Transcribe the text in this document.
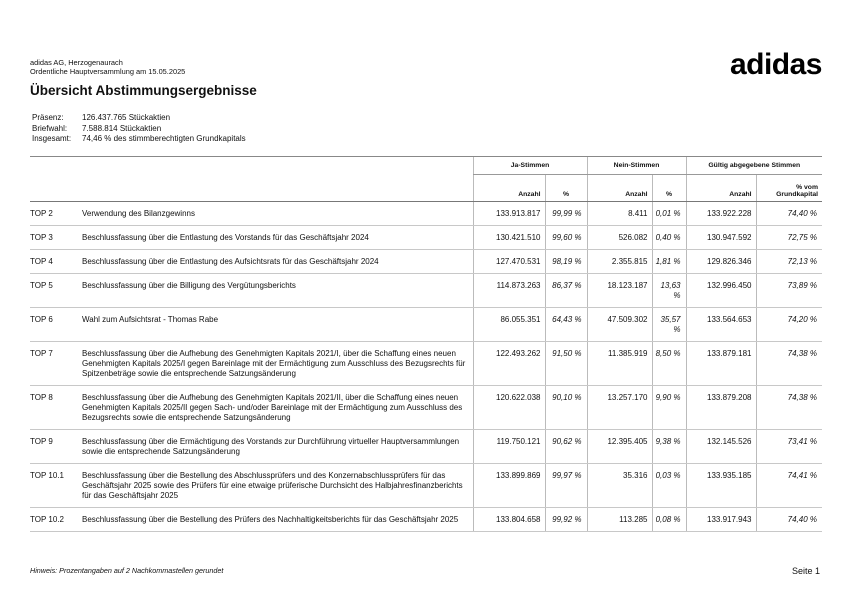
adidas AG, Herzogenaurach
Ordentliche Hauptversammlung am 15.05.2025	adidas
Übersicht Abstimmungsergebnisse
Präsenz:	126.437.765 Stückaktien
Briefwahl:	7.588.814 Stückaktien
Insgesamt:	74,46 % des stimmberechtigten Grundkapitals
		Ja-Stimmen		Nein-Stimmen		Gültig abgegebene Stimmen	
		Anzahl	%	Anzahl	%	Anzahl	% vom
Grundkapital

TOP 2	Verwendung des Bilanzgewinns	133.913.817	99,99 %	8.411	0,01 %	133.922.228	74,40 %
TOP 3	Beschlussfassung über die Entlastung des Vorstands für das Geschäftsjahr 2024	130.421.510	99,60 %	526.082	0,40 %	130.947.592	72,75 %
TOP 4	Beschlussfassung über die Entlastung des Aufsichtsrats für das Geschäftsjahr 2024	127.470.531	98,19 %	2.355.815	1,81 %	129.826.346	72,13 %
TOP 5	Beschlussfassung über die Billigung des Vergütungsberichts	114.873.263	86,37 %	18.123.187	13,63 %	132.996.450	73,89 %
TOP 6	Wahl zum Aufsichtsrat - Thomas Rabe	86.055.351	64,43 %	47.509.302	35,57 %	133.564.653	74,20 %
TOP 7	Beschlussfassung über die Aufhebung des Genehmigten Kapitals 2021/I, über die Schaffung eines neuen Genehmigten Kapitals 2025/I gegen Bareinlage mit der Ermächtigung zum Ausschluss des Bezugsrechts für Spitzenbeträge sowie die entsprechende Satzungsänderung	122.493.262	91,50 %	11.385.919	8,50 %	133.879.181	74,38 %
TOP 8	Beschlussfassung über die Aufhebung des Genehmigten Kapitals 2021/II, über die Schaffung eines neuen Genehmigten Kapitals 2025/II gegen Sach- und/oder Bareinlage mit der Ermächtigung zum Ausschluss des Bezugsrechts sowie die entsprechende Satzungsänderung	120.622.038	90,10 %	13.257.170	9,90 %	133.879.208	74,38 %
TOP 9	Beschlussfassung über die Ermächtigung des Vorstands zur Durchführung virtueller Hauptversammlungen sowie die entsprechende Satzungsänderung	119.750.121	90,62 %	12.395.405	9,38 %	132.145.526	73,41 %
TOP 10.1	Beschlussfassung über die Bestellung des Abschlussprüfers und des Konzernabschlussprüfers für das Geschäftsjahr 2025 sowie des Prüfers für eine etwaige prüferische Durchsicht des Halbjahresfinanzberichts für das Geschäftsjahr 2025	133.899.869	99,97 %	35.316	0,03 %	133.935.185	74,41 %
TOP 10.2	Beschlussfassung über die Bestellung des Prüfers des Nachhaltigkeitsberichts für das Geschäftsjahr 2025	133.804.658	99,92 %	113.285	0,08 %	133.917.943	74,40 %
Hinweis: Prozentangaben auf 2 Nachkommastellen gerundet	Seite 1
